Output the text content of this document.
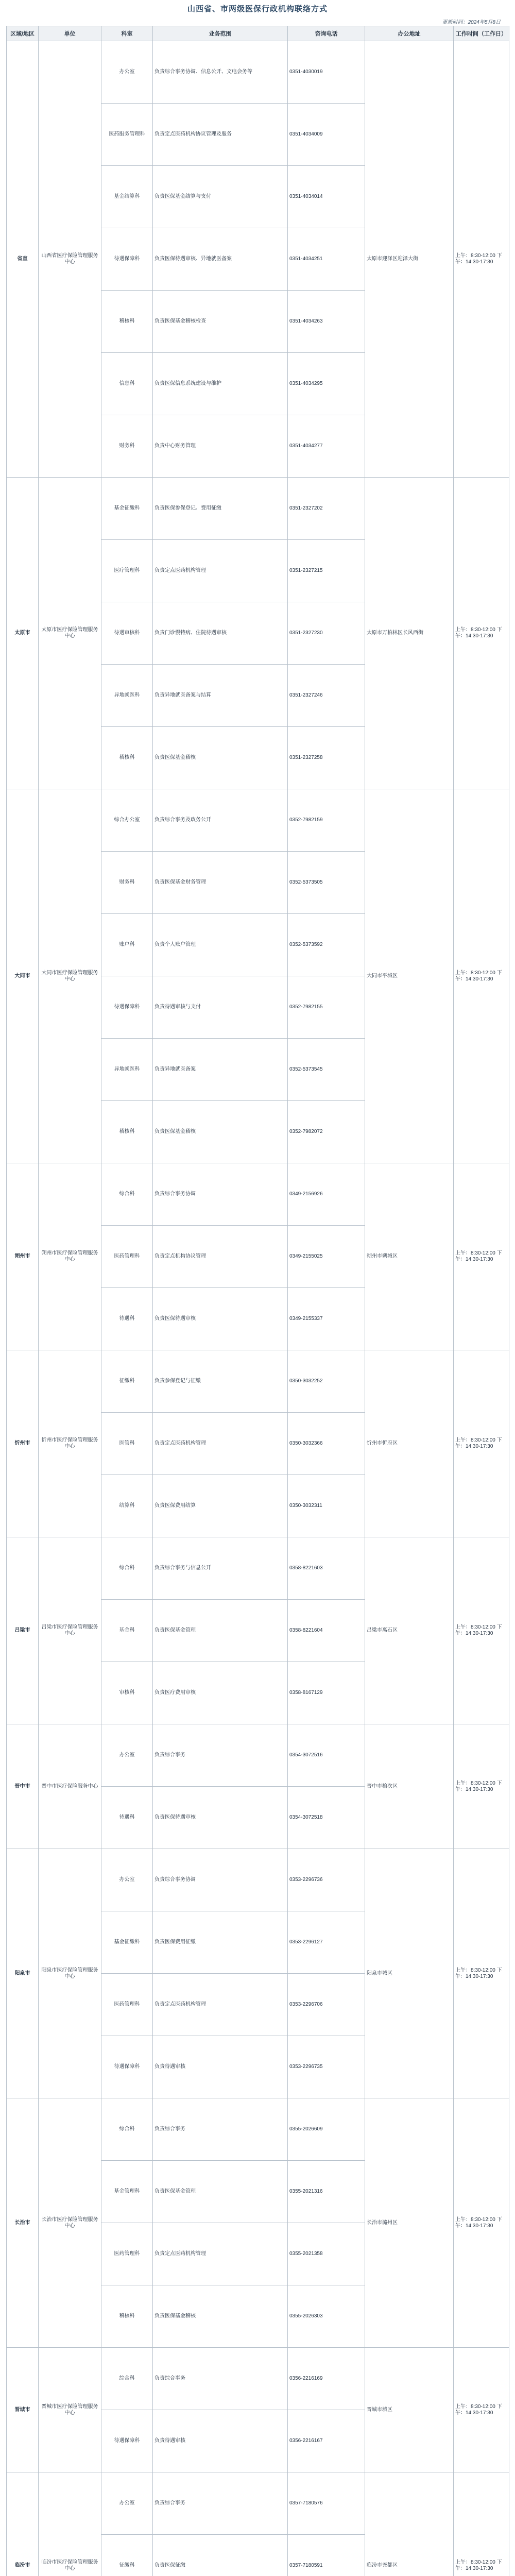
山西省、市两级医保行政机构联络方式
更新时间：2024年5月8日
区域/地区	单位	科室	业务范围	咨询电话	办公地址	工作时间（工作日）
省直	山西省医疗保险管理服务中心	办公室	负责综合事务协调、信息公开、文电会务等	0351-4030019	太原市迎泽区迎泽大街	上午：8:30-12:00 下午：14:30-17:30
		医药服务管理科	负责定点医药机构协议管理及服务	0351-4034009		
		基金结算科	负责医保基金结算与支付	0351-4034014		
		待遇保障科	负责医保待遇审核、异地就医备案	0351-4034251		
		稽核科	负责医保基金稽核检查	0351-4034263		
		信息科	负责医保信息系统建设与维护	0351-4034295		
		财务科	负责中心财务管理	0351-4034277		
太原市	太原市医疗保险管理服务中心	基金征缴科	负责医保参保登记、费用征缴	0351-2327202	太原市万柏林区长风西街	上午：8:30-12:00 下午：14:30-17:30
		医疗管理科	负责定点医药机构管理	0351-2327215		
		待遇审核科	负责门诊慢特病、住院待遇审核	0351-2327230		
		异地就医科	负责异地就医备案与结算	0351-2327246		
		稽核科	负责医保基金稽核	0351-2327258		
大同市	大同市医疗保险管理服务中心	综合办公室	负责综合事务及政务公开	0352-7982159	大同市平城区	上午：8:30-12:00 下午：14:30-17:30
		财务科	负责医保基金财务管理	0352-5373505		
		账户科	负责个人账户管理	0352-5373592		
		待遇保障科	负责待遇审核与支付	0352-7982155		
		异地就医科	负责异地就医备案	0352-5373545		
		稽核科	负责医保基金稽核	0352-7982072		
朔州市	朔州市医疗保险管理服务中心	综合科	负责综合事务协调	0349-2156926	朔州市朔城区	上午：8:30-12:00 下午：14:30-17:30
		医药管理科	负责定点机构协议管理	0349-2155025		
		待遇科	负责医保待遇审核	0349-2155337		
忻州市	忻州市医疗保险管理服务中心	征缴科	负责参保登记与征缴	0350-3032252	忻州市忻府区	上午：8:30-12:00 下午：14:30-17:30
		医管科	负责定点医药机构管理	0350-3032366		
		结算科	负责医保费用结算	0350-3032311		
吕梁市	吕梁市医疗保险管理服务中心	综合科	负责综合事务与信息公开	0358-8221603	吕梁市离石区	上午：8:30-12:00 下午：14:30-17:30
		基金科	负责医保基金管理	0358-8221604		
		审核科	负责医疗费用审核	0358-8167129		
晋中市	晋中市医疗保险服务中心	办公室	负责综合事务	0354-3072516	晋中市榆次区	上午：8:30-12:00 下午：14:30-17:30
		待遇科	负责医保待遇审核	0354-3072518		
阳泉市	阳泉市医疗保险管理服务中心	办公室	负责综合事务协调	0353-2296736	阳泉市城区	上午：8:30-12:00 下午：14:30-17:30
		基金征缴科	负责医保费用征缴	0353-2296127		
		医药管理科	负责定点医药机构管理	0353-2296706		
		待遇保障科	负责待遇审核	0353-2296735		
长治市	长治市医疗保险管理服务中心	综合科	负责综合事务	0355-2026609	长治市潞州区	上午：8:30-12:00 下午：14:30-17:30
		基金管理科	负责医保基金管理	0355-2021316		
		医药管理科	负责定点医药机构管理	0355-2021358		
		稽核科	负责医保基金稽核	0355-2026303		
晋城市	晋城市医疗保险管理服务中心	综合科	负责综合事务	0356-2216169	晋城市城区	上午：8:30-12:00 下午：14:30-17:30
		待遇保障科	负责待遇审核	0356-2216167		
临汾市	临汾市医疗保险管理服务中心	办公室	负责综合事务	0357-7180576	临汾市尧都区	上午：8:30-12:00 下午：14:30-17:30
		征缴科	负责医保征缴	0357-7180591		
